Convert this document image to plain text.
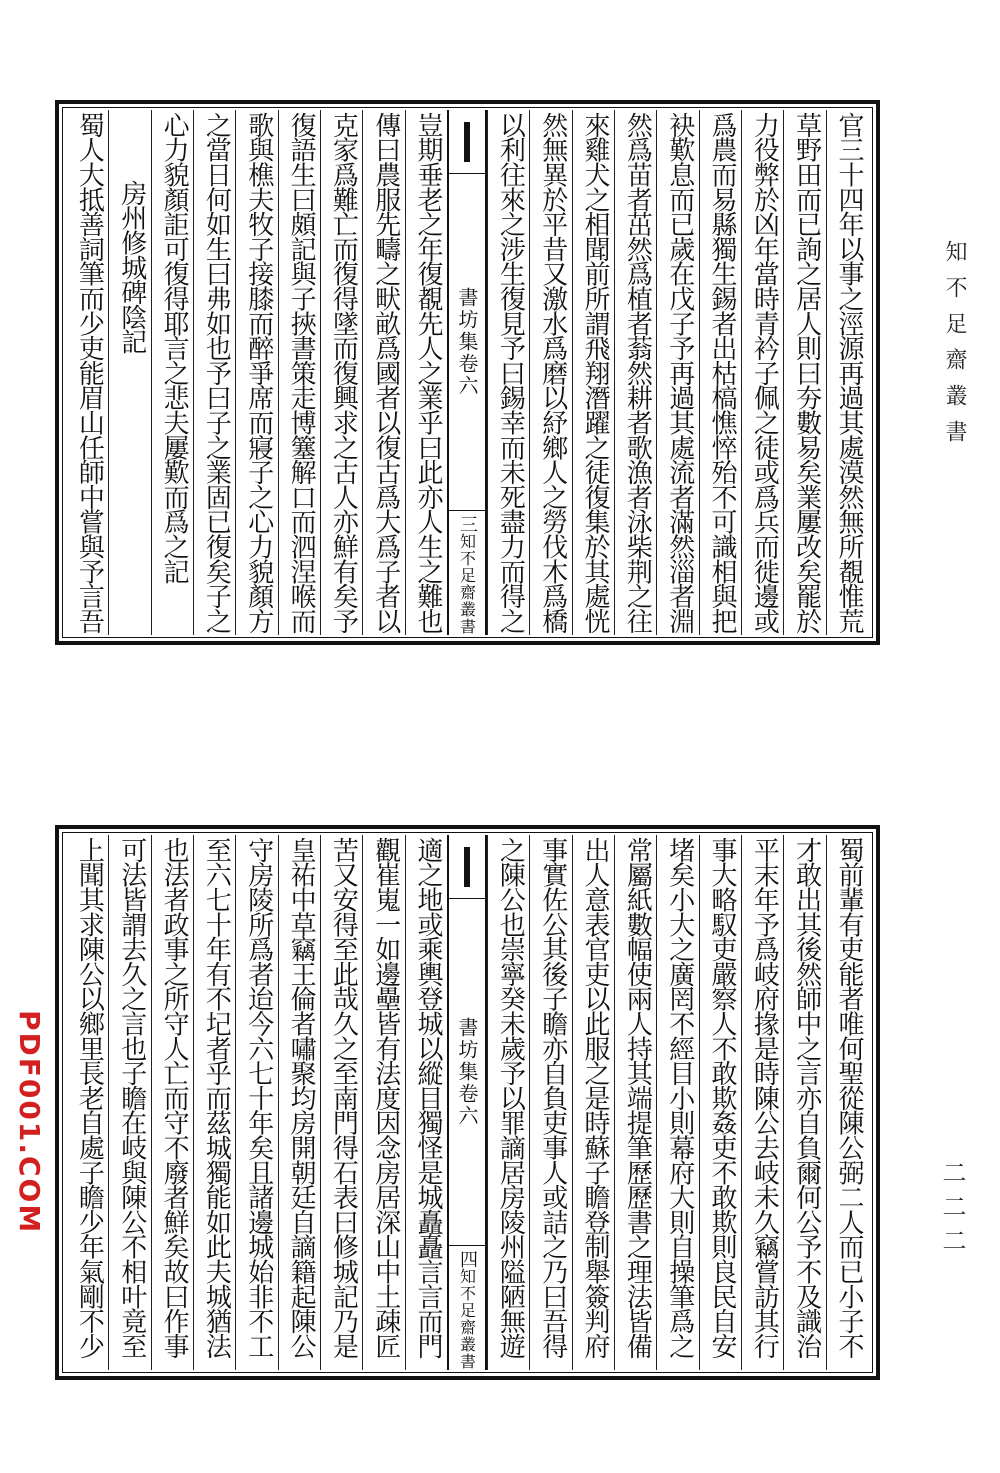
知不足齋叢書
二二二
PDF001.COM
官三十四年以事之涇源再過其處漠然無所覩惟荒
草野田而已詢之居人則曰夯數易矣業屢改矣罷於
力役弊於凶年當時青衿子佩之徒或爲兵而徙邊或
爲農而易縣獨生錫者出枯槁憔悴殆不可識相與把
袂歎息而已歲在戊子予再過其處流者滿然淄者淵
然爲苗者茁然爲植者蓊然耕者歌漁者泳柴荆之往
來雞犬之相聞前所謂飛翔潛躍之徒復集於其處恍
然無異於平昔又激水爲磨以紓鄉人之勞伐木爲橋
以利往來之涉生復見予曰錫幸而未死盡力而得之
書坊集卷六
三
知不足齋叢書
豈期垂老之年復覩先人之業乎曰此亦人生之難也
傳曰農服先疇之畎畝爲國者以復古爲大爲子者以
克家爲難亡而復得墜而復興求之古人亦鮮有矣予
復語生曰頗記與子挾書策走博簺解口而泗涅喉而
歌與樵夫牧子接膝而醉爭席而寢子之心力貌顏方
之當日何如生曰弗如也予曰子之業固已復矣子之
心力貌顏詎可復得耶言之悲夫屢歎而爲之記
房州修城碑陰記
蜀人大抵善詞筆而少吏能眉山任師中嘗與予言吾
蜀前輩有吏能者唯何聖從陳公弼二人而已小子不
才敢出其後然師中之言亦自負爾何公予不及識治
平末年予爲岐府掾是時陳公去岐未久竊嘗訪其行
事大略馭吏嚴察人不敢欺姦吏不敢欺則良民自安
堵矣小大之廣罔不經目小則幕府大則自操筆爲之
常屬紙數幅使兩人持其端提筆歷歷書之理法皆備
出人意表官吏以此服之是時蘇子瞻登制舉簽判府
事實佐公其後子瞻亦自負吏事人或詰之乃曰吾得
之陳公也崇寧癸未歲予以罪謫居房陵州隘陋無遊
書坊集卷六
四
知不足齋叢書
適之地或乘輿登城以縱目獨怪是城矗矗言言而門
觀崔嵬一如邊壘皆有法度因念房居深山中土疎匠
苦又安得至此哉久之至南門得石表曰修城記乃是
皇祐中草竊王倫者嘯聚均房開朝廷自謫籍起陳公
守房陵所爲者迨今六七十年矣且諸邊城始非不工
至六七十年有不圮者乎而茲城獨能如此夫城猶法
也法者政事之所守人亡而守不廢者鮮矣故曰作事
可法皆謂去久之言也子瞻在岐與陳公不相叶竟至
上聞其求陳公以鄉里長老自處子瞻少年氣剛不少
